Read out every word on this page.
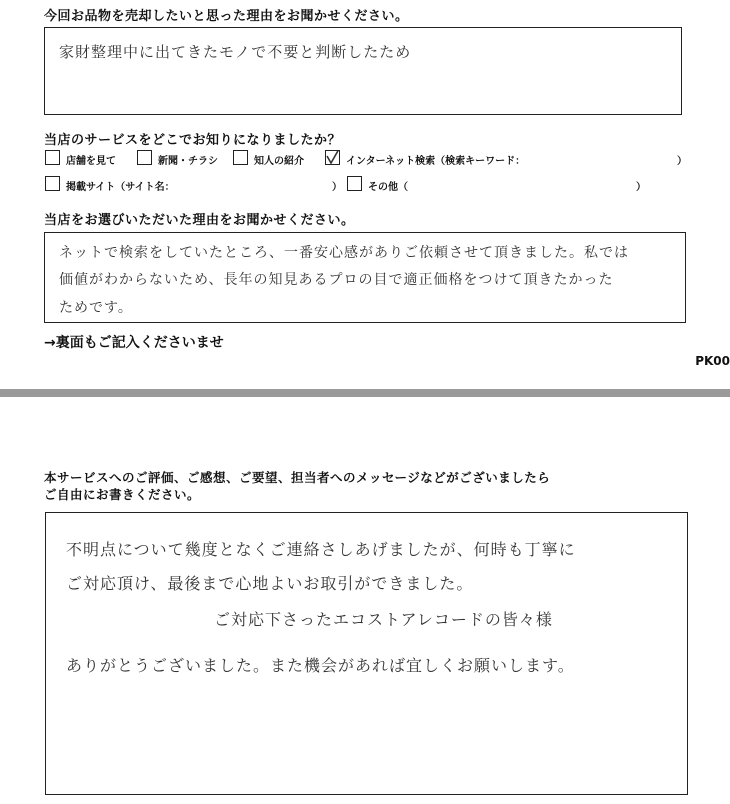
今回お品物を売却したいと思った理由をお聞かせください。
家財整理中に出てきたモノで不要と判断したため
当店のサービスをどこでお知りになりましたか？
店舗を見て	新聞・チラシ	知人の紹介	インターネット検索（検索キーワード：	）
掲載サイト（サイト名：	）	その他（	）
当店をお選びいただいた理由をお聞かせください。
ネットで検索をしていたところ、一番安心感がありご依頼させて頂きました。私では
価値がわからないため、長年の知見あるプロの目で適正価格をつけて頂きたかった
ためです。
→裏面もご記入くださいませ
PK00
本サービスへのご評価、ご感想、ご要望、担当者へのメッセージなどがございましたら
ご自由にお書きください。
不明点について幾度となくご連絡さしあげましたが、何時も丁寧に
ご対応頂け、最後まで心地よいお取引ができました。
ご対応下さったエコストアレコードの皆々様
ありがとうございました。また機会があれば宜しくお願いします。
